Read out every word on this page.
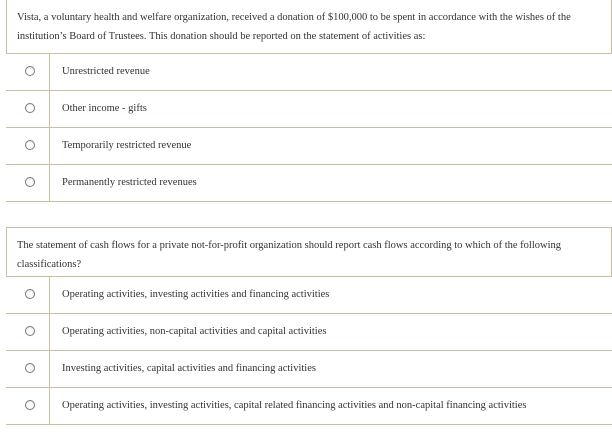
Vista, a voluntary health and welfare organization, received a donation of $100,000 to be spent in accordance with the wishes of the institution’s Board of Trustees. This donation should be reported on the statement of activities as:
Unrestricted revenue
Other income - gifts
Temporarily restricted revenue
Permanently restricted revenues
The statement of cash flows for a private not-for-profit organization should report cash flows according to which of the following classifications?
Operating activities, investing activities and financing activities
Operating activities, non-capital activities and capital activities
Investing activities, capital activities and financing activities
Operating activities, investing activities, capital related financing activities and non-capital financing activities
